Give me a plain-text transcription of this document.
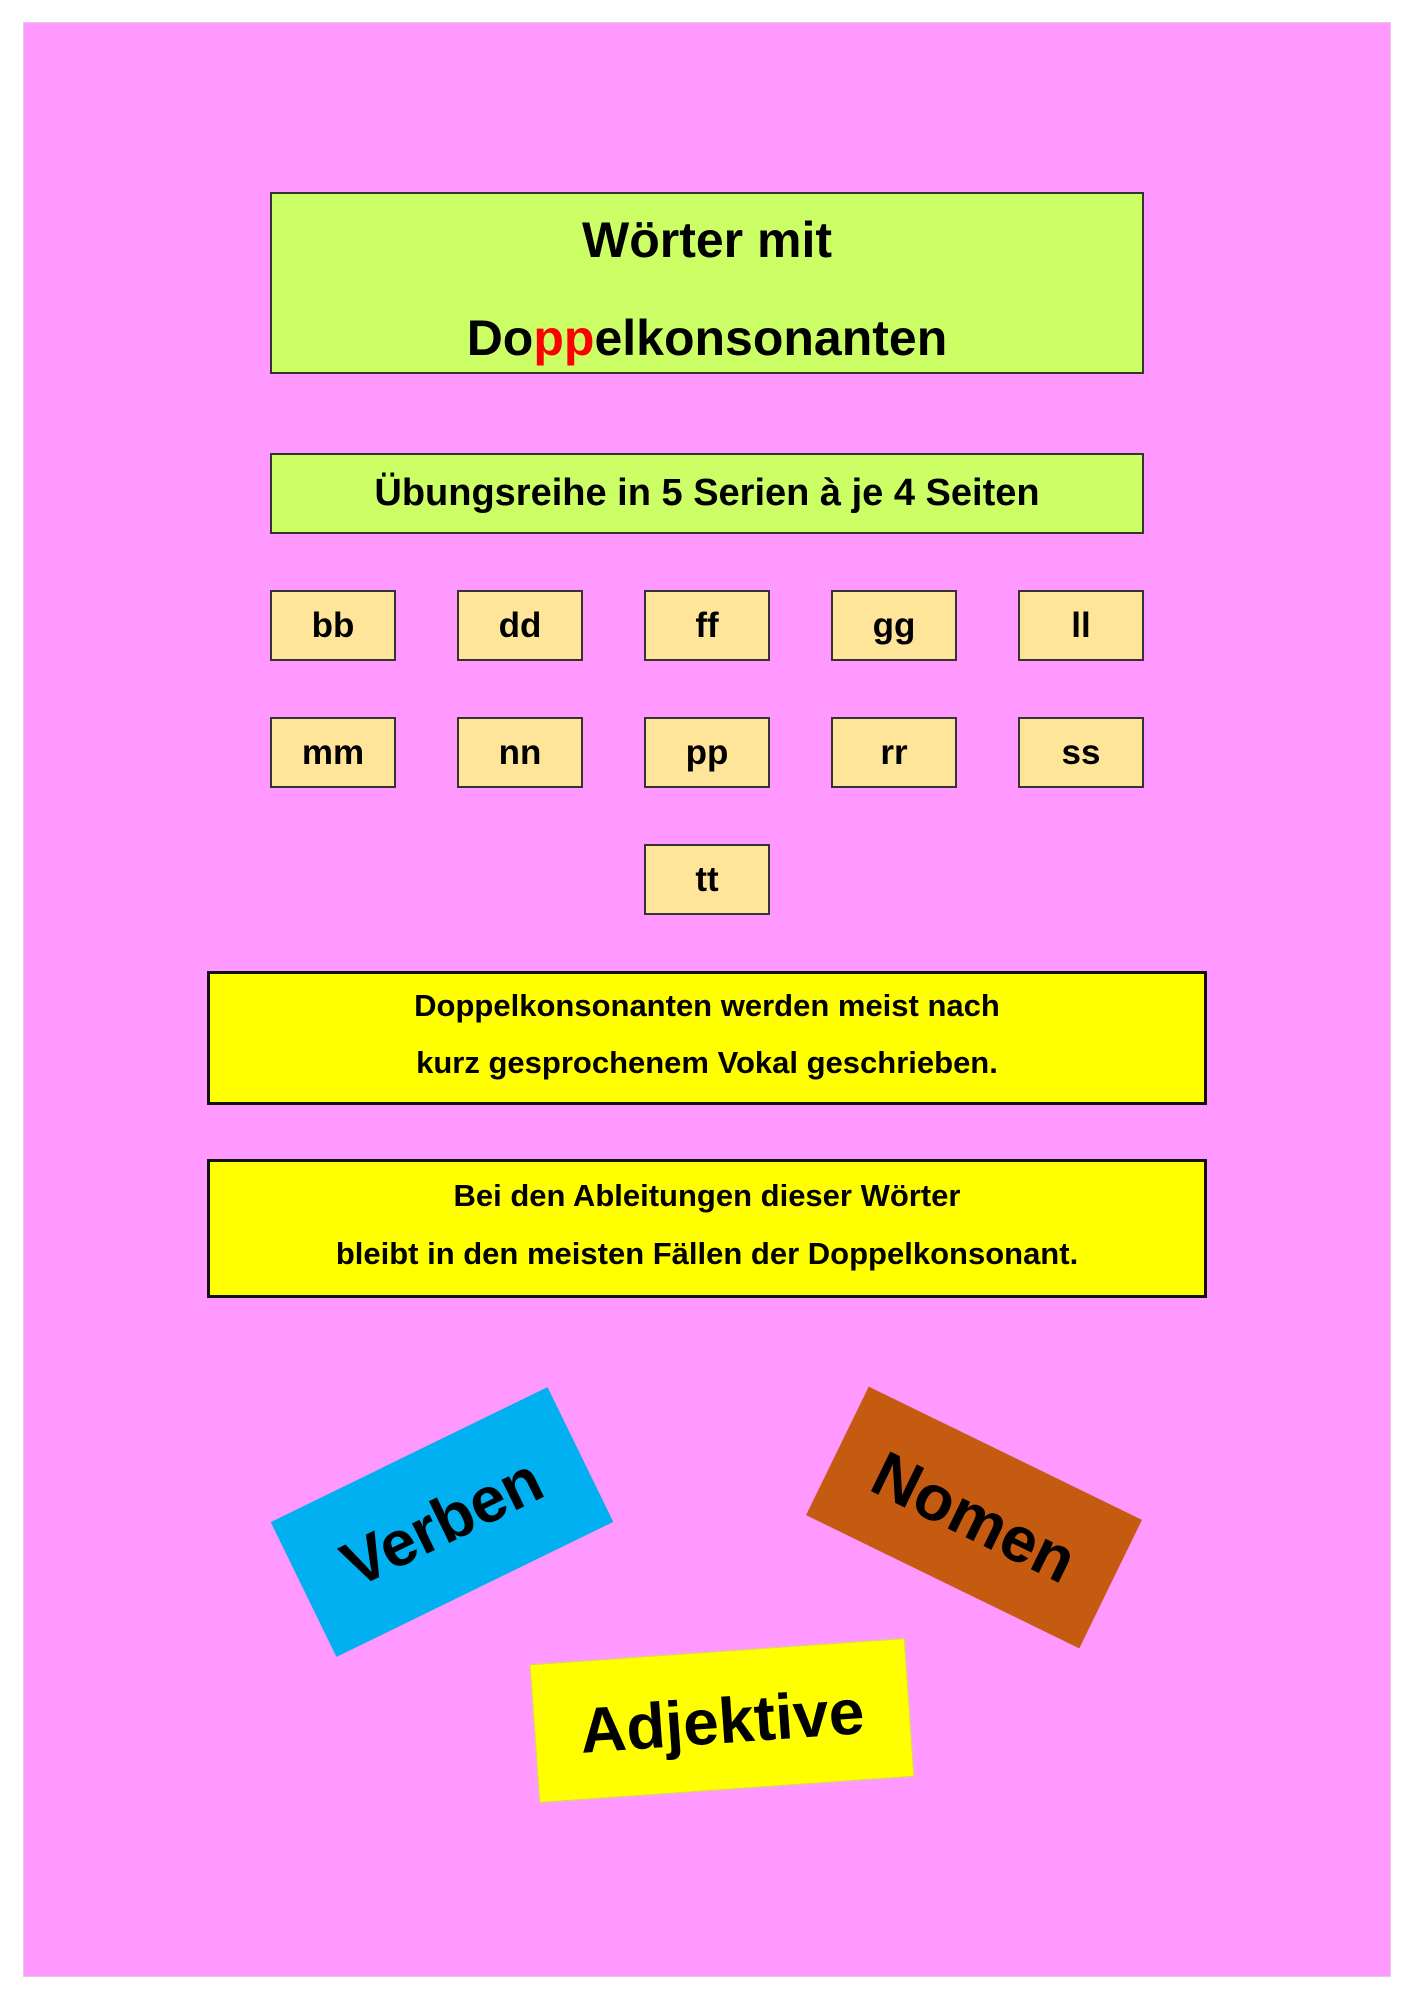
Wörter mit
Doppelkonsonanten
Übungsreihe in 5 Serien à je 4 Seiten
bb	dd	ff	gg	ll
mm	nn	pp	rr	ss
tt
Doppelkonsonanten werden meist nach
kurz gesprochenem Vokal geschrieben.
Bei den Ableitungen dieser Wörter
bleibt in den meisten Fällen der Doppelkonsonant.
Verben	Nomen
Adjektive
